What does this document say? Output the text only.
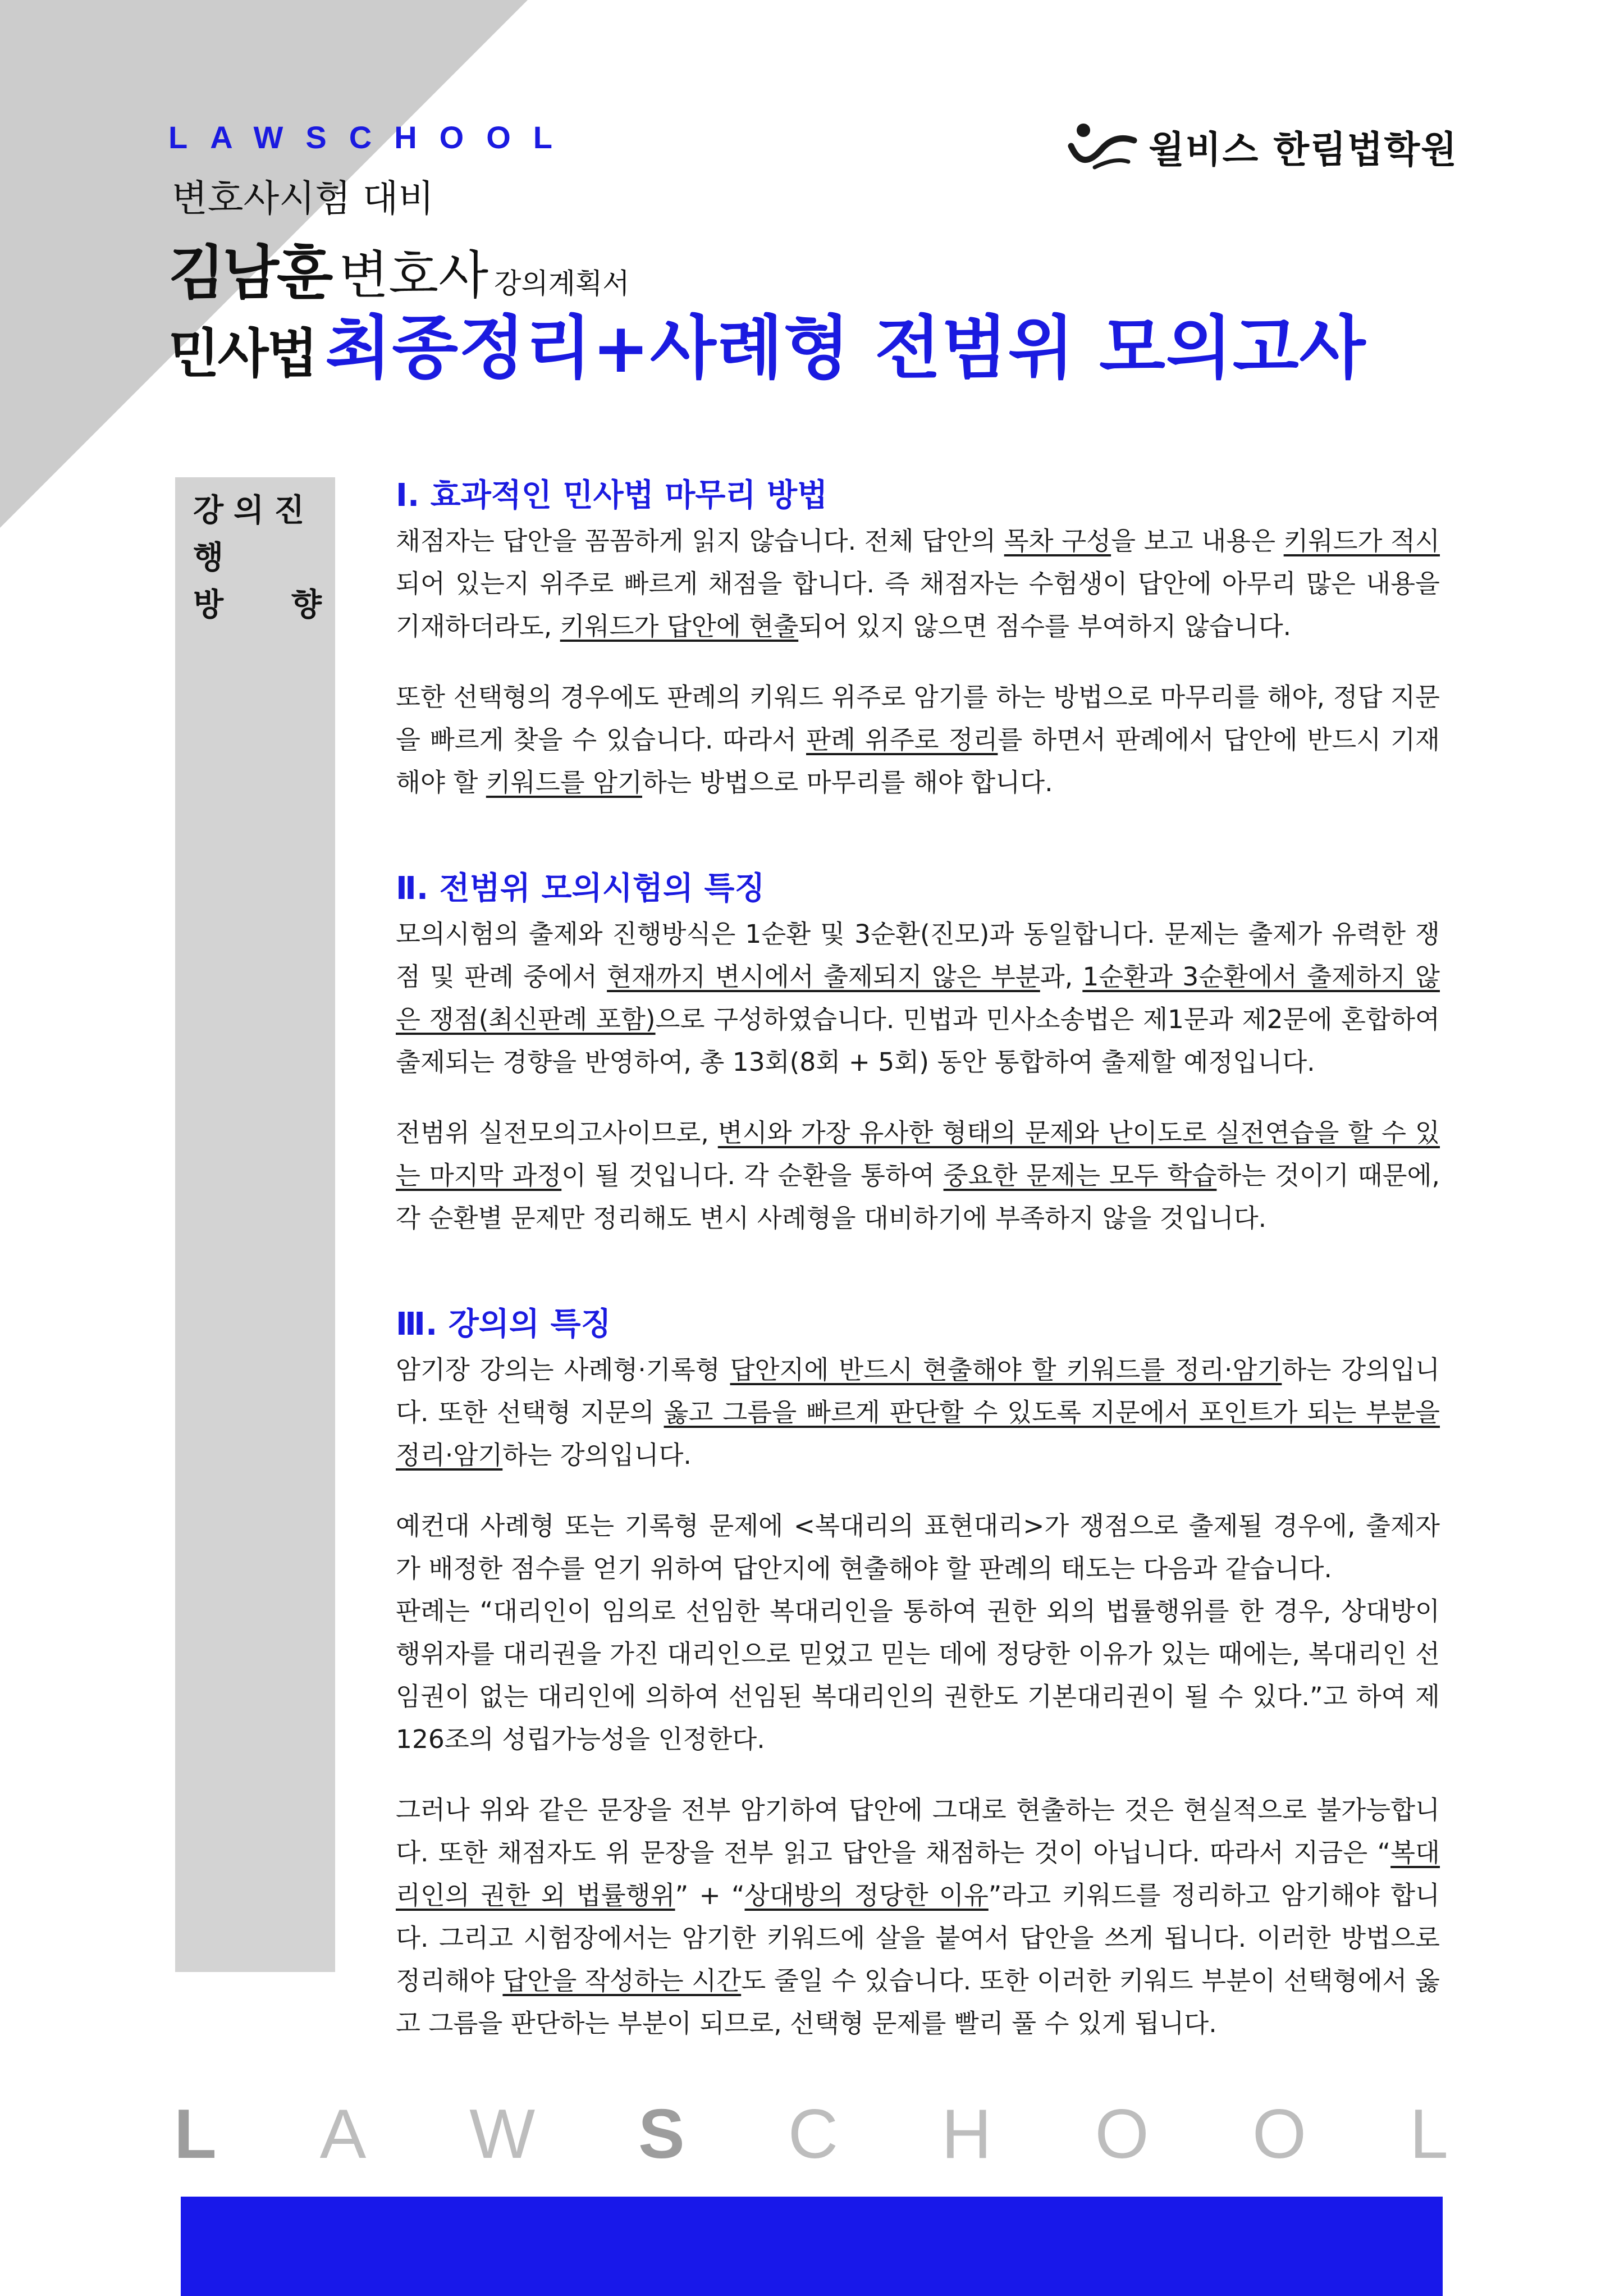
LAWSCHOOL	윌비스 한림법학원
변호사시험 대비
김남훈 변호사 강의계획서
민사법 최종정리+사례형 전범위 모의고사
강의진행
방 향
Ⅰ. 효과적인 민사법 마무리 방법

채점자는 답안을 꼼꼼하게 읽지 않습니다. 전체 답안의 목차 구성을 보고 내용은 키워드가 적시되어 있는지 위주로 빠르게 채점을 합니다. 즉 채점자는 수험생이 답안에 아무리 많은 내용을 기재하더라도, 키워드가 답안에 현출되어 있지 않으면 점수를 부여하지 않습니다.

또한 선택형의 경우에도 판례의 키워드 위주로 암기를 하는 방법으로 마무리를 해야, 정답 지문을 빠르게 찾을 수 있습니다. 따라서 판례 위주로 정리를 하면서 판례에서 답안에 반드시 기재해야 할 키워드를 암기하는 방법으로 마무리를 해야 합니다.

Ⅱ. 전범위 모의시험의 특징

모의시험의 출제와 진행방식은 1순환 및 3순환(진모)과 동일합니다. 문제는 출제가 유력한 쟁점 및 판례 중에서 현재까지 변시에서 출제되지 않은 부분과, 1순환과 3순환에서 출제하지 않은 쟁점(최신판례 포함)으로 구성하였습니다. 민법과 민사소송법은 제1문과 제2문에 혼합하여 출제되는 경향을 반영하여, 총 13회(8회 + 5회) 동안 통합하여 출제할 예정입니다.

전범위 실전모의고사이므로, 변시와 가장 유사한 형태의 문제와 난이도로 실전연습을 할 수 있는 마지막 과정이 될 것입니다. 각 순환을 통하여 중요한 문제는 모두 학습하는 것이기 때문에, 각 순환별 문제만 정리해도 변시 사례형을 대비하기에 부족하지 않을 것입니다.

Ⅲ. 강의의 특징

암기장 강의는 사례형·기록형 답안지에 반드시 현출해야 할 키워드를 정리·암기하는 강의입니다. 또한 선택형 지문의 옳고 그름을 빠르게 판단할 수 있도록 지문에서 포인트가 되는 부분을 정리·암기하는 강의입니다.

예컨대 사례형 또는 기록형 문제에 <복대리의 표현대리>가 쟁점으로 출제될 경우에, 출제자가 배정한 점수를 얻기 위하여 답안지에 현출해야 할 판례의 태도는 다음과 같습니다.

판례는 “대리인이 임의로 선임한 복대리인을 통하여 권한 외의 법률행위를 한 경우, 상대방이 행위자를 대리권을 가진 대리인으로 믿었고 믿는 데에 정당한 이유가 있는 때에는, 복대리인 선임권이 없는 대리인에 의하여 선임된 복대리인의 권한도 기본대리권이 될 수 있다.”고 하여 제126조의 성립가능성을 인정한다.

그러나 위와 같은 문장을 전부 암기하여 답안에 그대로 현출하는 것은 현실적으로 불가능합니다. 또한 채점자도 위 문장을 전부 읽고 답안을 채점하는 것이 아닙니다. 따라서 지금은 “복대리인의 권한 외 법률행위” + “상대방의 정당한 이유”라고 키워드를 정리하고 암기해야 합니다. 그리고 시험장에서는 암기한 키워드에 살을 붙여서 답안을 쓰게 됩니다. 이러한 방법으로 정리해야 답안을 작성하는 시간도 줄일 수 있습니다. 또한 이러한 키워드 부분이 선택형에서 옳고 그름을 판단하는 부분이 되므로, 선택형 문제를 빨리 풀 수 있게 됩니다.

L A W S C H O O L
